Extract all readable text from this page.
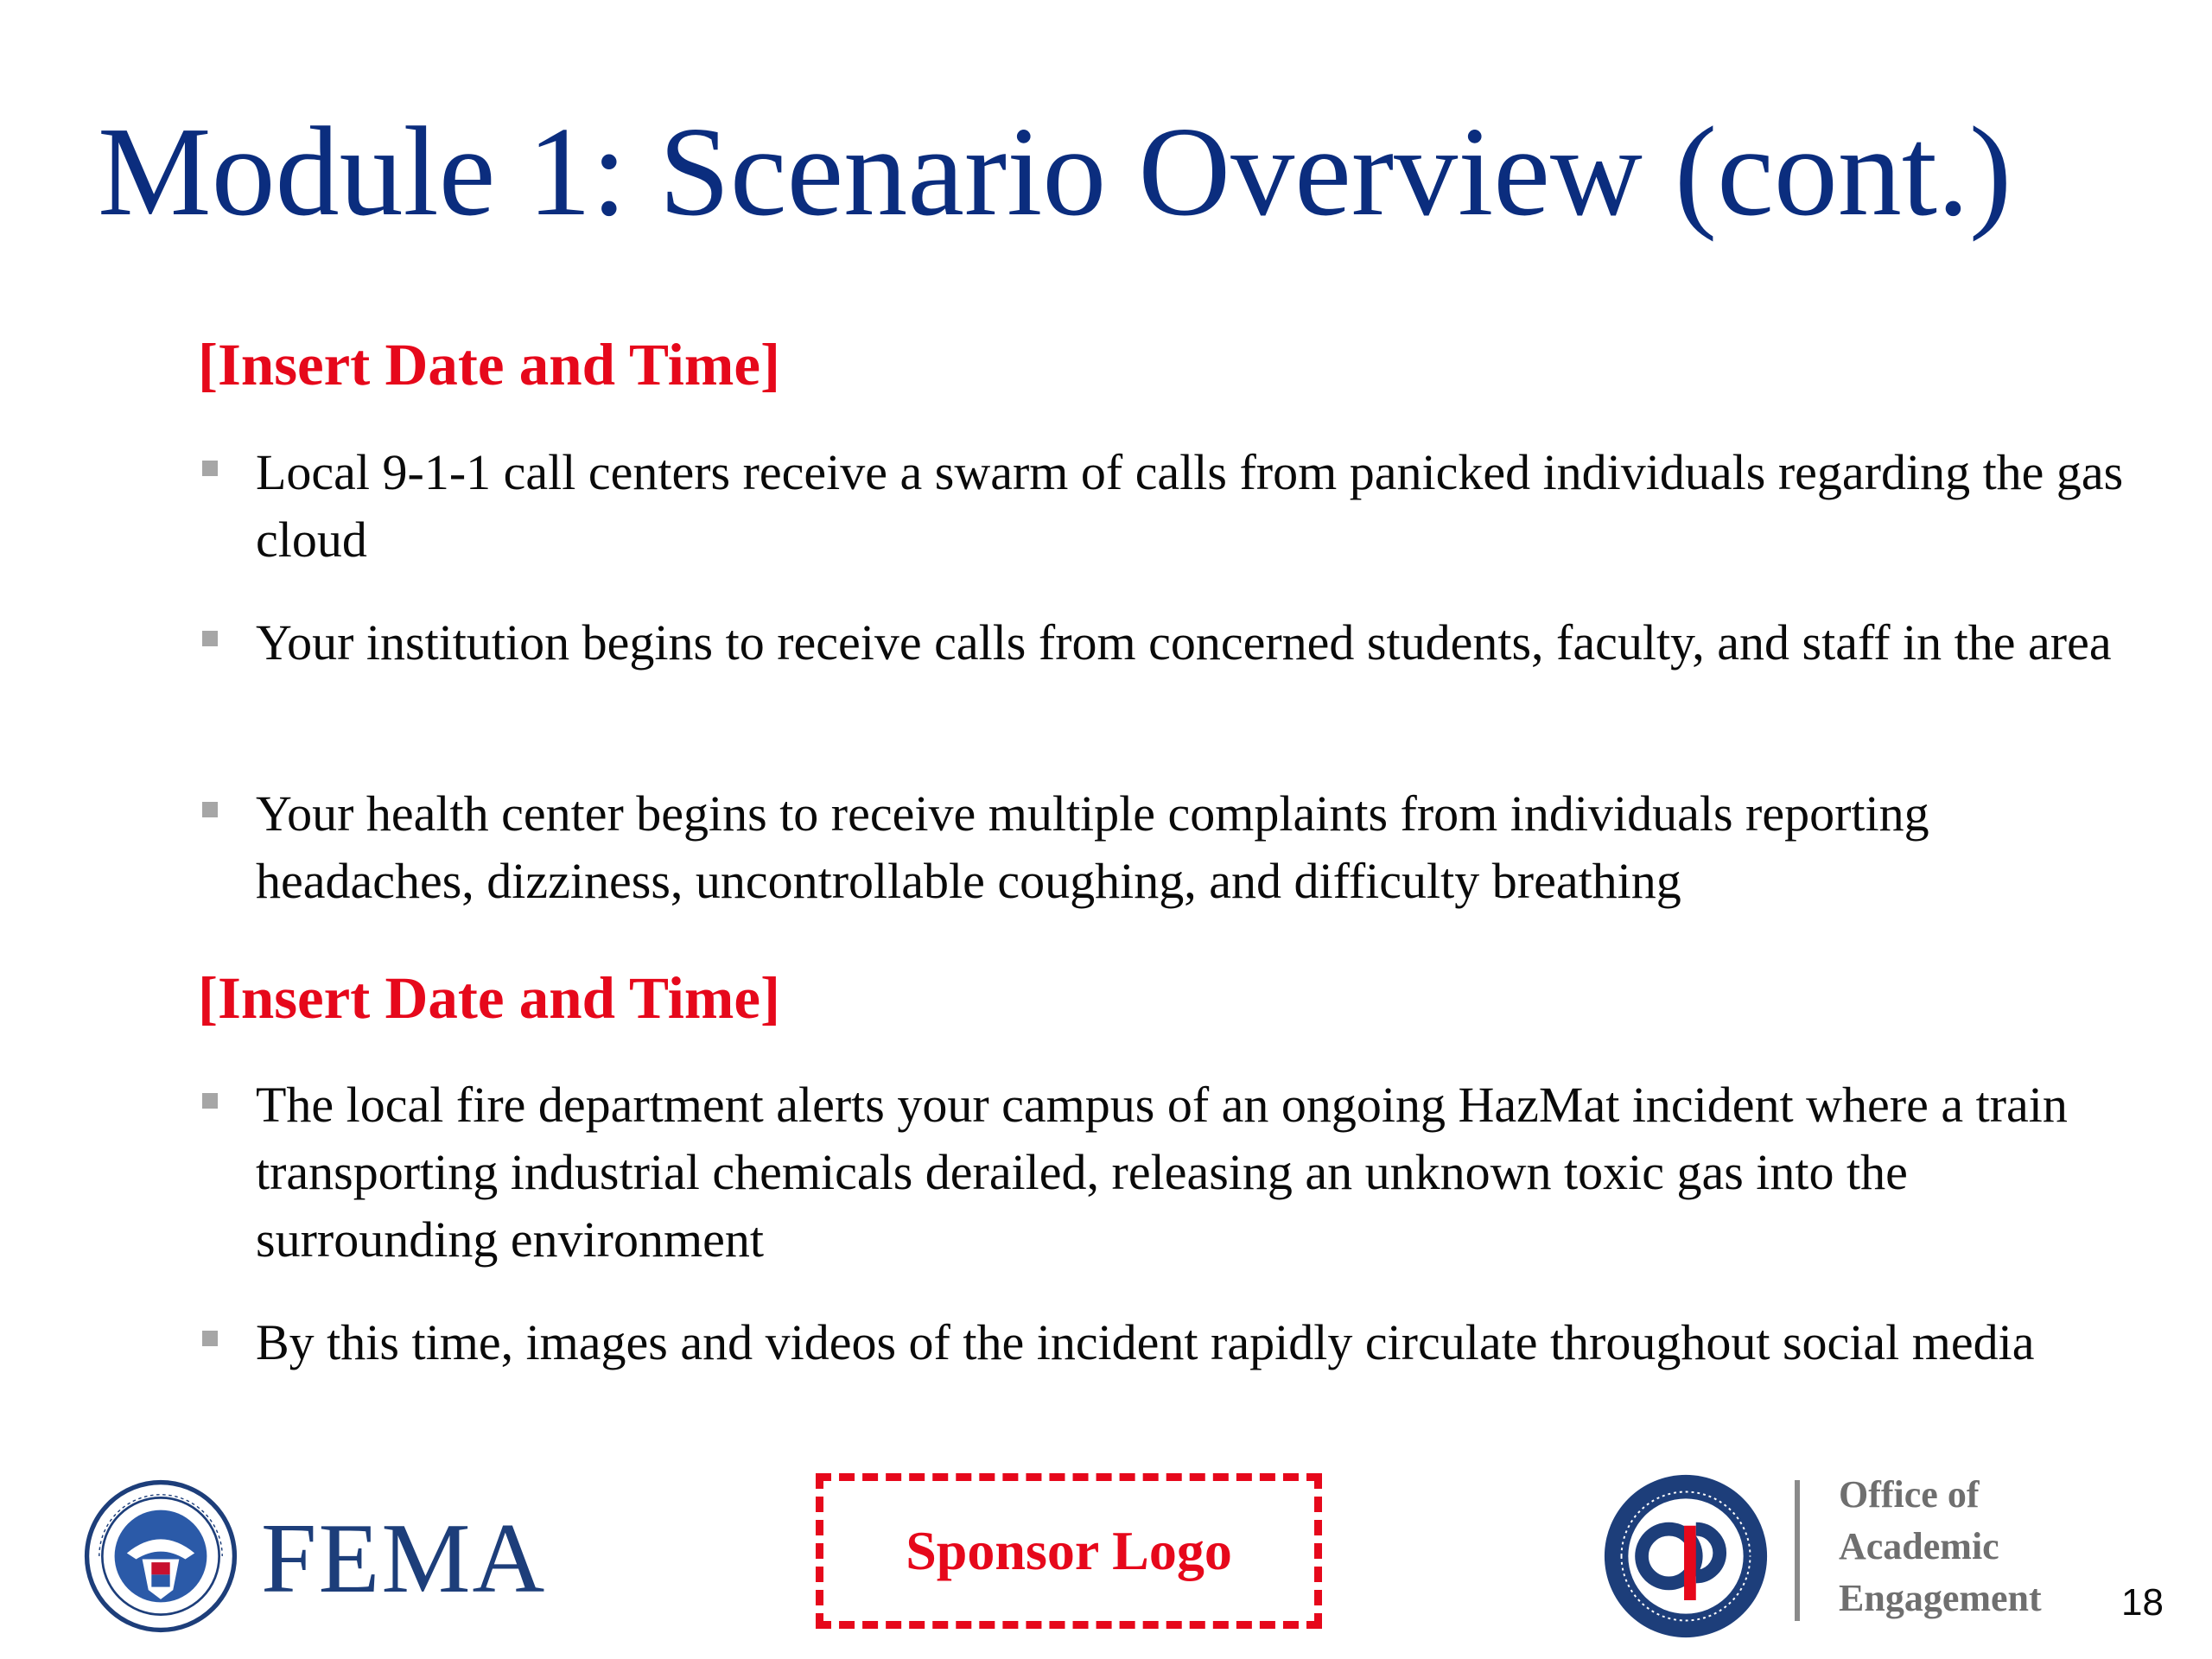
Module 1: Scenario Overview (cont.)
[Insert Date and Time]
Local 9-1-1 call centers receive a swarm of calls from panicked individuals regarding the gas cloud
Your institution begins to receive calls from concerned students, faculty, and staff in the area
Your health center begins to receive multiple complaints from individuals reporting headaches, dizziness, uncontrollable coughing, and difficulty breathing
[Insert Date and Time]
The local fire department alerts your campus of an ongoing HazMat incident where a train transporting industrial chemicals derailed, releasing an unknown toxic gas into the surrounding environment
By this time, images and videos of the incident rapidly circulate throughout social media
FEMA	Sponsor Logo
Office of
Academic
Engagement 18
